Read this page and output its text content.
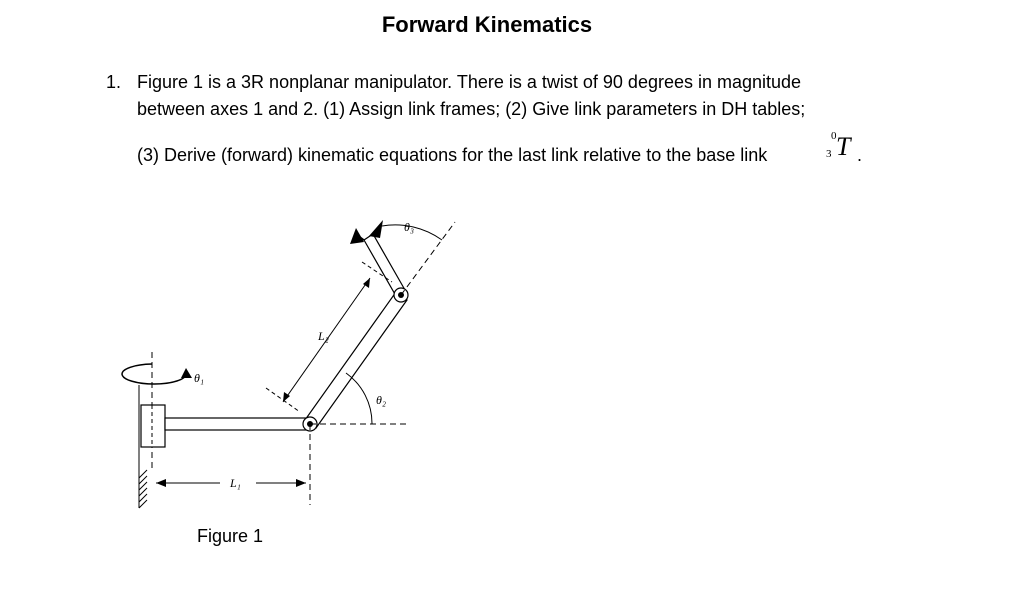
Forward Kinematics
1. Figure 1 is a 3R nonplanar manipulator. There is a twist of 90 degrees in magnitude
between axes 1 and 2. (1) Assign link frames; (2) Give link parameters in DH tables;
(3) Derive (forward) kinematic equations for the last link relative to the base link
0
3 T .
θ₁
θ₂
θ₃
L₁
L₂
Figure 1
